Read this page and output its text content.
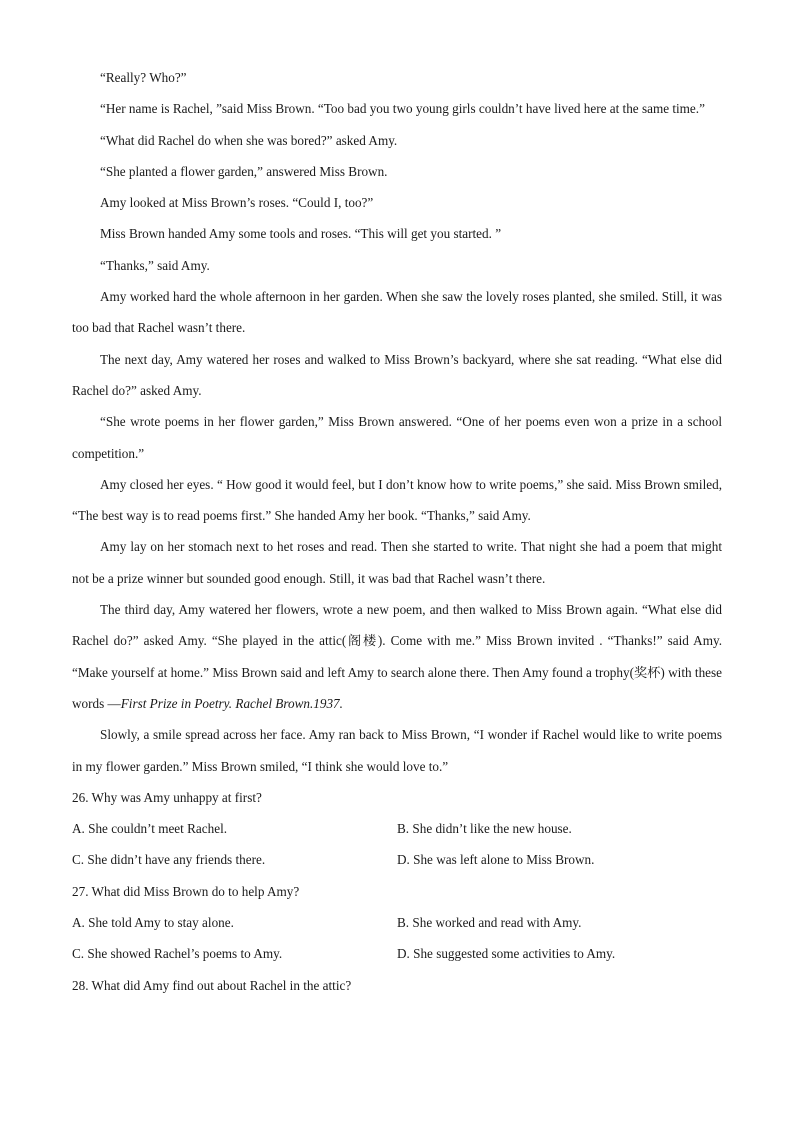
“Really? Who?”

“Her name is Rachel, ”said Miss Brown. “Too bad you two young girls couldn’t have lived here at the same time.”

“What did Rachel do when she was bored?” asked Amy.

“She planted a flower garden,” answered Miss Brown.

Amy looked at Miss Brown’s roses. “Could I, too?”

Miss Brown handed Amy some tools and roses. “This will get you started. ”

“Thanks,” said Amy.

Amy worked hard the whole afternoon in her garden. When she saw the lovely roses planted, she smiled. Still, it was too bad that Rachel wasn’t there.

The next day, Amy watered her roses and walked to Miss Brown’s backyard, where she sat reading. “What else did Rachel do?” asked Amy.

“She wrote poems in her flower garden,” Miss Brown answered. “One of her poems even won a prize in a school competition.”

Amy closed her eyes. “ How good it would feel, but I don’t know how to write poems,” she said. Miss Brown smiled, “The best way is to read poems first.” She handed Amy her book. “Thanks,” said Amy.

Amy lay on her stomach next to het roses and read. Then she started to write. That night she had a poem that might not be a prize winner but sounded good enough. Still, it was bad that Rachel wasn’t there.

The third day, Amy watered her flowers, wrote a new poem, and then walked to Miss Brown again. “What else did Rachel do?” asked Amy. “She played in the attic(阁楼). Come with me.” Miss Brown invited . “Thanks!” said Amy. “Make yourself at home.” Miss Brown said and left Amy to search alone there. Then Amy found a trophy(奖杯) with these words —First Prize in Poetry. Rachel Brown.1937.

Slowly, a smile spread across her face. Amy ran back to Miss Brown, “I wonder if Rachel would like to write poems in my flower garden.” Miss Brown smiled, “I think she would love to.”

26. Why was Amy unhappy at first?

A. She couldn’t meet Rachel.	B. She didn’t like the new house.
C. She didn’t have any friends there.	D. She was left alone to Miss Brown.

27. What did Miss Brown do to help Amy?

A. She told Amy to stay alone.	B. She worked and read with Amy.
C. She showed Rachel’s poems to Amy.	D. She suggested some activities to Amy.

28. What did Amy find out about Rachel in the attic?
